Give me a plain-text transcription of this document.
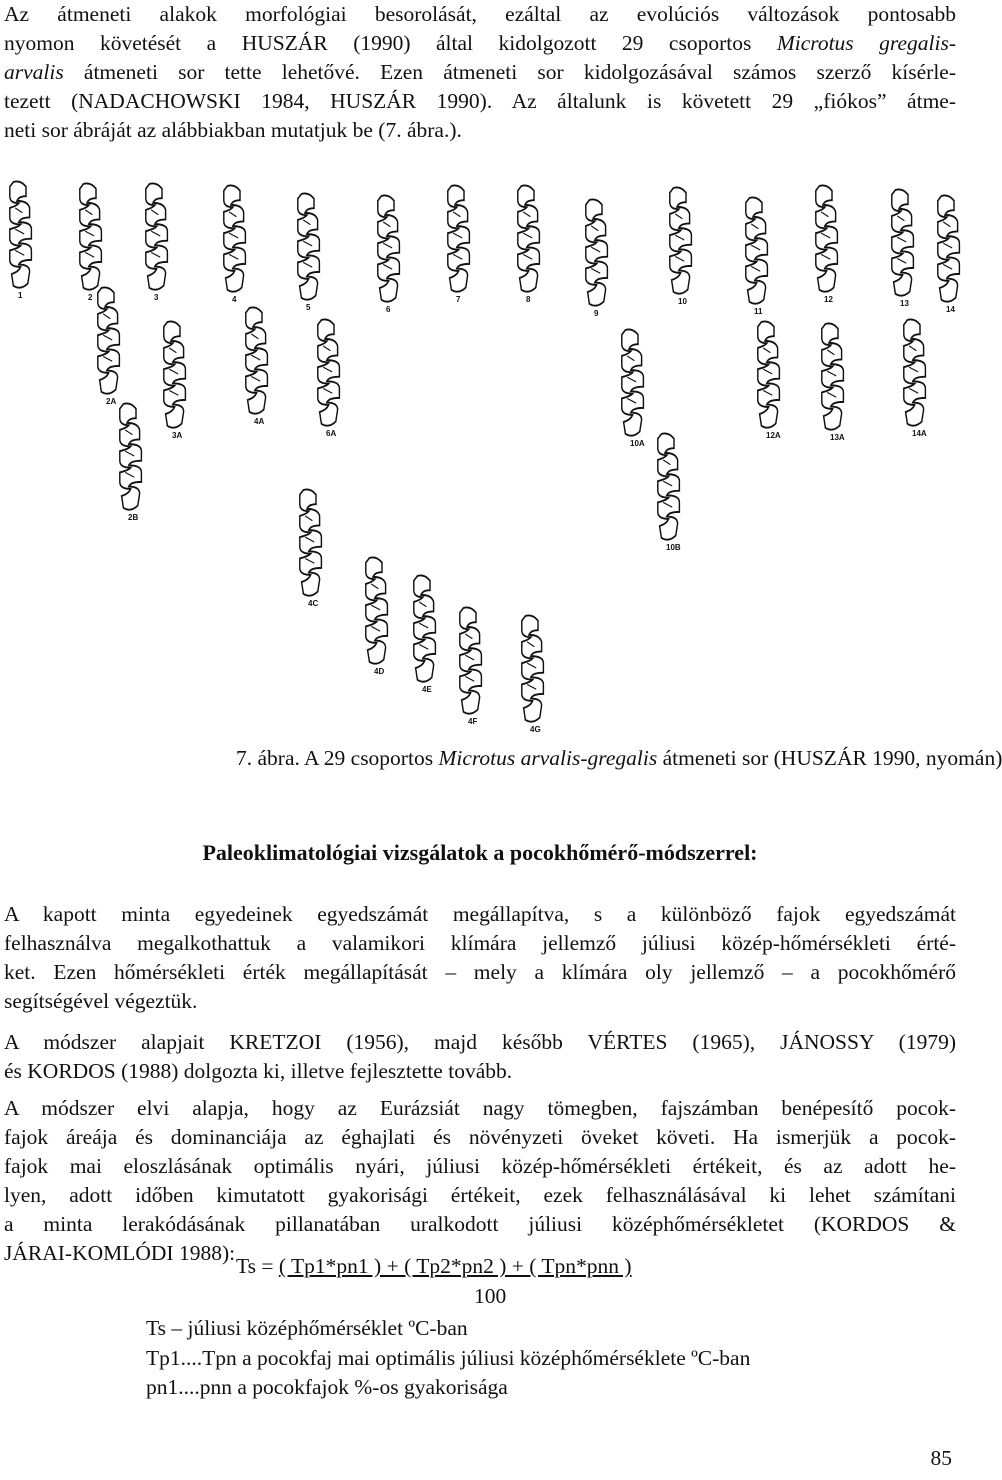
Az átmeneti alakok morfológiai besorolását, ezáltal az evolúciós változások pontosabb
nyomon követését a HUSZÁR (1990) által kidolgozott 29 csoportos Microtus gregalis-
arvalis átmeneti sor tette lehetővé. Ezen átmeneti sor kidolgozásával számos szerző kísérle-
tezett (NADACHOWSKI 1984, HUSZÁR 1990). Az általunk is követett 29 „fiókos” átme-
neti sor ábráját az alábbiakban mutatjuk be (7. ábra.).
1	2	3	4
5	6
7	8
9
10
11
12	13
14
2A
3A
4A
6A
10A
12A	13A	14A
2B
10B
4C
4D
4E
4F
4G
7. ábra. A 29 csoportos Microtus arvalis-gregalis átmeneti sor (HUSZÁR 1990, nyomán)
Paleoklimatológiai vizsgálatok a pocokhőmérő-módszerrel:
A kapott minta egyedeinek egyedszámát megállapítva, s a különböző fajok egyedszámát
felhasználva megalkothattuk a valamikori klímára jellemző júliusi közép-hőmérsékleti érté-
ket. Ezen hőmérsékleti érték megállapítását – mely a klímára oly jellemző – a pocokhőmérő
segítségével végeztük.
A módszer alapjait KRETZOI (1956), majd később VÉRTES (1965), JÁNOSSY (1979)
és KORDOS (1988) dolgozta ki, illetve fejlesztette tovább.
A módszer elvi alapja, hogy az Eurázsiát nagy tömegben, fajszámban benépesítő pocok-
fajok áreája és dominanciája az éghajlati és növényzeti öveket követi. Ha ismerjük a pocok-
fajok mai eloszlásának optimális nyári, júliusi közép-hőmérsékleti értékeit, és az adott he-
lyen, adott időben kimutatott gyakorisági értékeit, ezek felhasználásával ki lehet számítani
a minta lerakódásának pillanatában uralkodott júliusi középhőmérsékletet (KORDOS &
JÁRAI-KOMLÓDI 1988):
Ts = ( Tp1*pn1 ) + ( Tp2*pn2 ) + ( Tpn*pnn )
100
Ts – júliusi középhőmérséklet ºC-ban
Tp1....Tpn a pocokfaj mai optimális júliusi középhőmérséklete ºC-ban
pn1....pnn a pocokfajok %-os gyakorisága
85
